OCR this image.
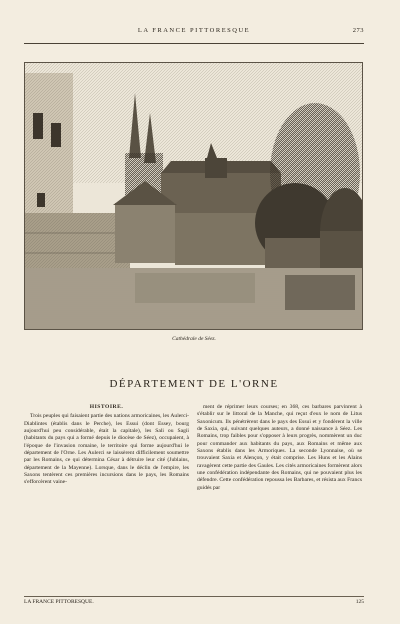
LA FRANCE PITTORESQUE	273
Cathédrale de Séez.
DÉPARTEMENT DE L'ORNE
HISTOIRE.

Trois peuples qui faisaient partie des nations armoricaines, les Aulerci-Diablintes (établis dans le Perche), les Essui (dont Essey, bourg aujourd'hui peu considérable, était la capitale), les Sali ou Sagii (habitants du pays qui a formé depuis le diocèse de Séez), occupaient, à l'époque de l'invasion romaine, le territoire qui forme aujourd'hui le département de l'Orne. Les Aulerci se laissèrent difficilement soumettre par les Romains, ce qui détermina César à détruire leur cité (Jublains, département de la Mayenne). Lorsque, dans le déclin de l'empire, les Saxons tentèrent ces premières incursions dans le pays, les Romains s'efforcèrent vaine-

ment de réprimer leurs courses; en 368, ces barbares parvinrent à s'établir sur le littoral de la Manche, qui reçut d'eux le nom de Litus Saxonicum. Ils pénétrèrent dans le pays des Essui et y fondèrent la ville de Saxia, qui, suivant quelques auteurs, a donné naissance à Séez. Les Romains, trop faibles pour s'opposer à leurs progrès, nommèrent un duc pour commander aux habitants du pays, aux Romains et même aux Saxons établis dans les Armoriques. La seconde Lyonnaise, où se trouvaient Saxia et Alençon, y était comprise. Les Huns et les Alains ravagèrent cette partie des Gaules. Les cités armoricaines formèrent alors une confédération indépendante des Romains, qui ne pouvaient plus les défendre. Cette confédération repoussa les Barbares, et résista aux Francs guidés par

LA FRANCE PITTORESQUE.	125
